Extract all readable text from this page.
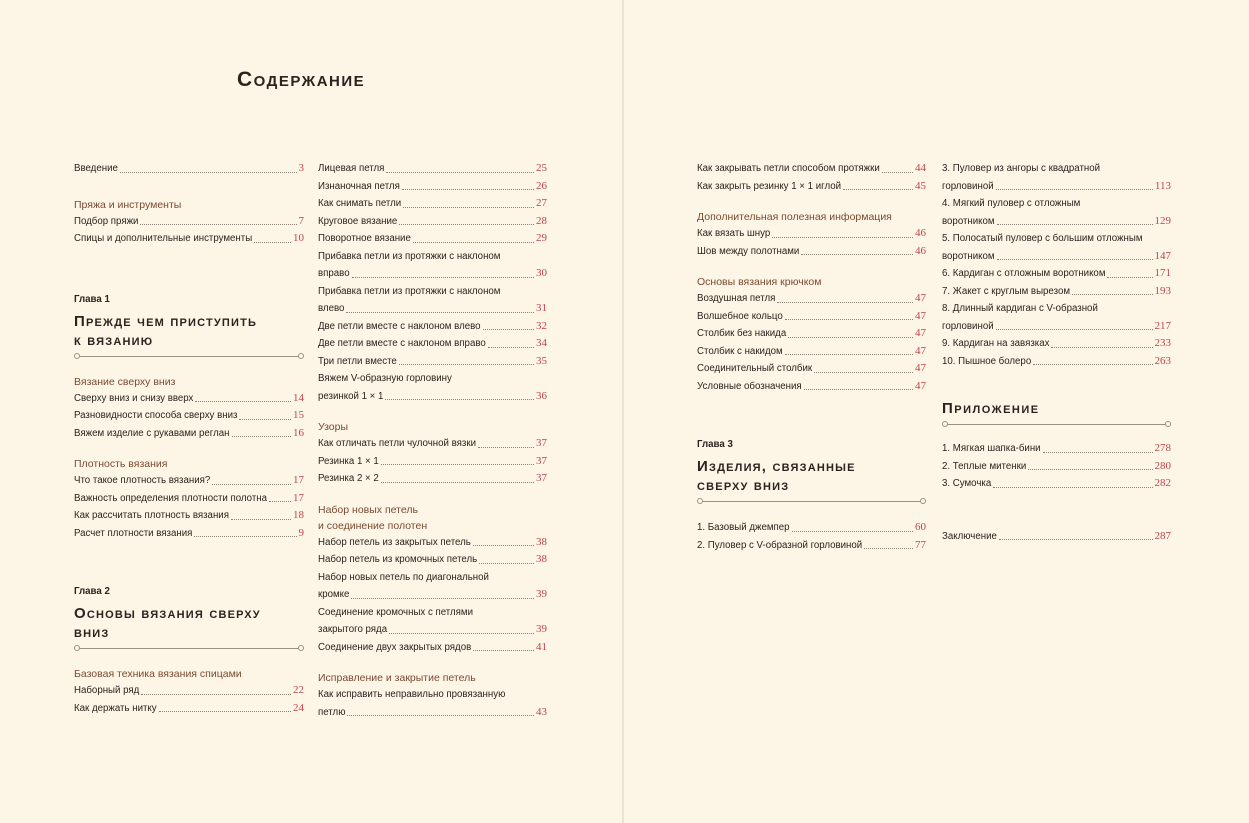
Содержание
Введение	3
Пряжа и инструменты
Подбор пряжи	7
Спицы и дополнительные инструменты	10
Глава 1
Прежде чем приступить
к вязанию
Вязание сверху вниз
Сверху вниз и снизу вверх	14
Разновидности способа сверху вниз	15
Вяжем изделие с рукавами реглан	16
Плотность вязания
Что такое плотность вязания?	17
Важность определения плотности полотна 17
Как рассчитать плотность вязания	18
Расчет плотности вязания	9
Глава 2
Основы вязания сверху
вниз
Базовая техника вязания спицами
Наборный ряд	22
Как держать нитку	24
Лицевая петля	25
Изнаночная петля	26
Как снимать петли	27
Круговое вязание	28
Поворотное вязание	29
Прибавка петли из протяжки с наклоном
вправо	30
Прибавка петли из протяжки с наклоном
влево	31
Две петли вместе с наклоном влево	32
Две петли вместе с наклоном вправо	34
Три петли вместе	35
Вяжем V-образную горловину
резинкой 1 × 1	36
Узоры
Как отличать петли чулочной вязки	37
Резинка 1 × 1	37
Резинка 2 × 2	37
Набор новых петель
и соединение полотен
Набор петель из закрытых петель	38
Набор петель из кромочных петель	38
Набор новых петель по диагональной
кромке	39
Соединение кромочных с петлями
закрытого ряда	39
Соединение двух закрытых рядов	41
Исправление и закрытие петель
Как исправить неправильно провязанную
петлю	43
Как закрывать петли способом протяжки	44
Как закрыть резинку 1 × 1 иглой	45
Дополнительная полезная информация
Как вязать шнур	46
Шов между полотнами	46
Основы вязания крючком
Воздушная петля	47
Волшебное кольцо	47
Столбик без накида	47
Столбик с накидом	47
Соединительный столбик	47
Условные обозначения	47
Глава 3
Изделия, связанные
сверху вниз
1. Базовый джемпер	60
2. Пуловер с V-образной горловиной	77
3. Пуловер из ангоры с квадратной
горловиной	113
4. Мягкий пуловер с отложным
воротником	129
5. Полосатый пуловер с большим отложным
воротником	147
6. Кардиган с отложным воротником	171
7. Жакет с круглым вырезом	193
8. Длинный кардиган с V-образной
горловиной	217
9. Кардиган на завязках	233
10. Пышное болеро	263
Приложение
1. Мягкая шапка-бини	278
2. Теплые митенки	280
3. Сумочка	282
Заключение	287
